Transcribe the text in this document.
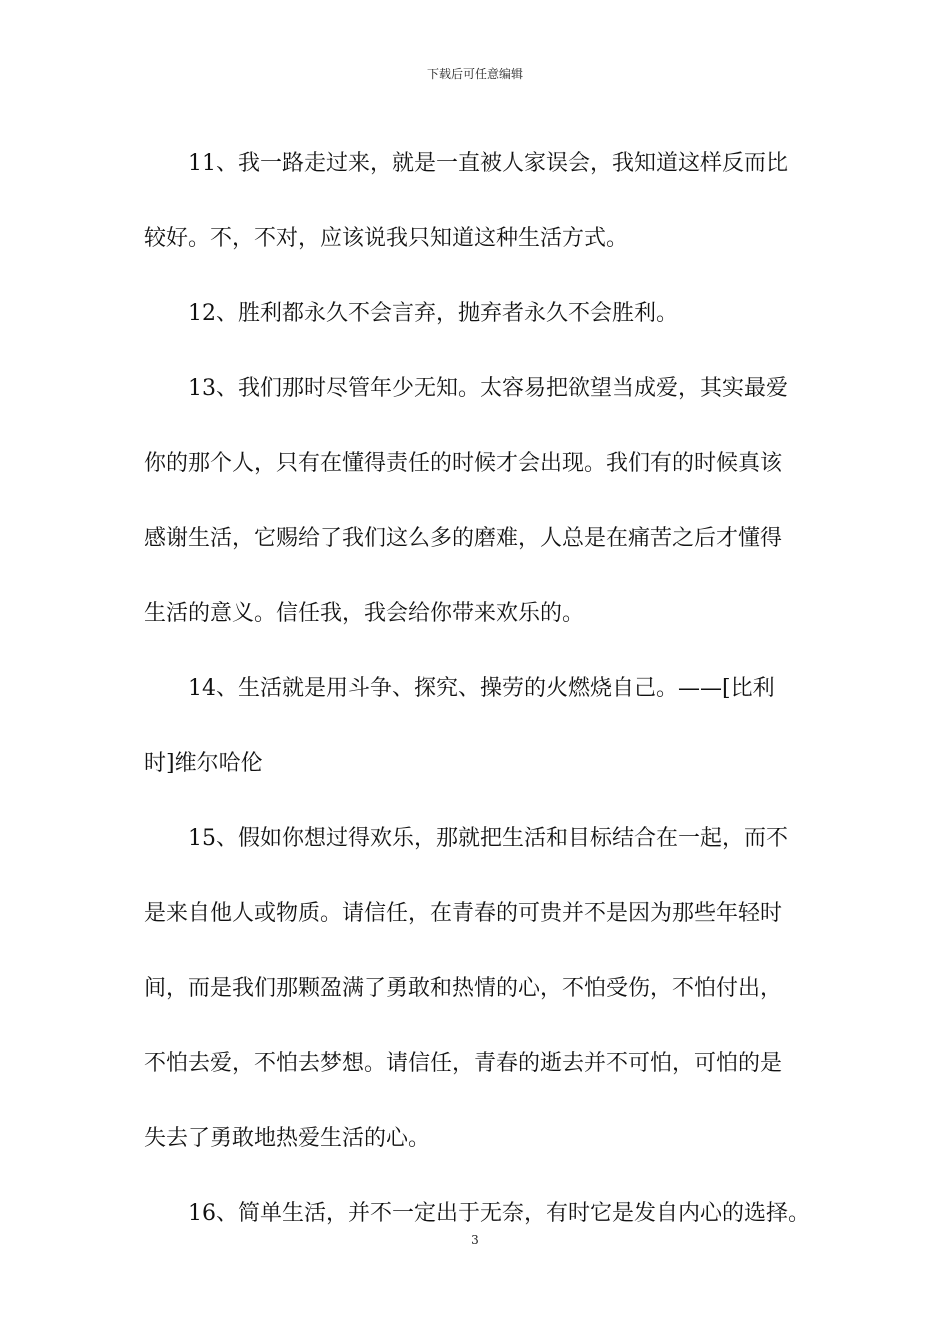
下载后可任意编辑

　　11、我一路走过来，就是一直被人家误会，我知道这样反而比

较好。不，不对，应该说我只知道这种生活方式。

　　12、胜利都永久不会言弃，抛弃者永久不会胜利。

　　13、我们那时尽管年少无知。太容易把欲望当成爱，其实最爱

你的那个人，只有在懂得责任的时候才会出现。我们有的时候真该

感谢生活，它赐给了我们这么多的磨难，人总是在痛苦之后才懂得

生活的意义。信任我，我会给你带来欢乐的。

　　14、生活就是用斗争、探究、操劳的火燃烧自己。——[比利

时]维尔哈伦

　　15、假如你想过得欢乐，那就把生活和目标结合在一起，而不

是来自他人或物质。请信任，在青春的可贵并不是因为那些年轻时

间，而是我们那颗盈满了勇敢和热情的心，不怕受伤，不怕付出，

不怕去爱，不怕去梦想。请信任，青春的逝去并不可怕，可怕的是

失去了勇敢地热爱生活的心。

　　16、简单生活，并不一定出于无奈，有时它是发自内心的选择。

3
